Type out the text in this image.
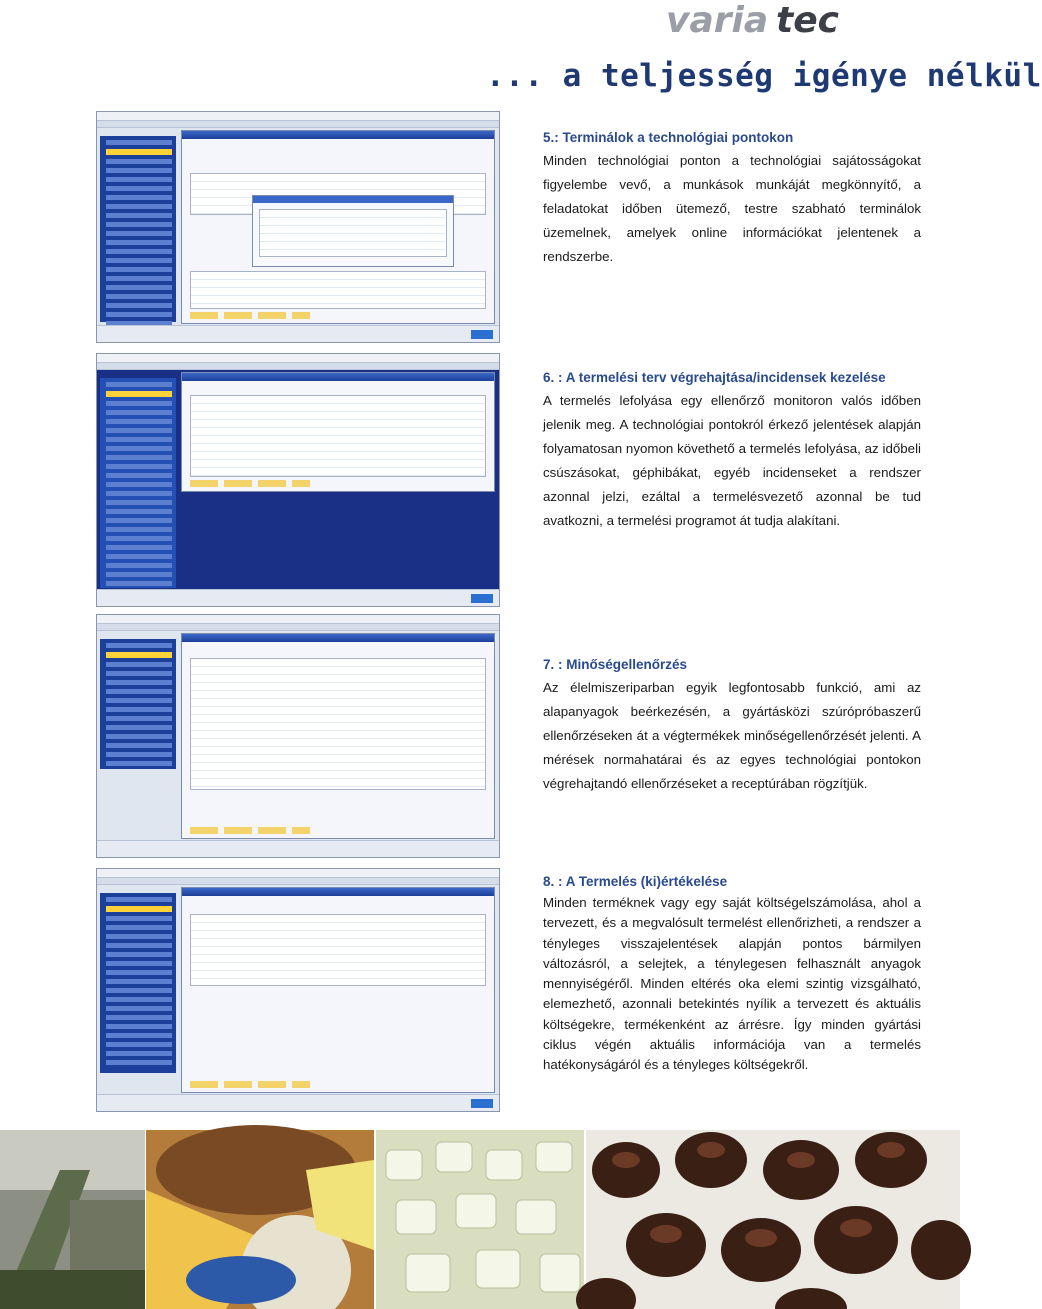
varia tec
... a teljesség igénye nélkül
5.: Terminálok a technológiai pontokon

Minden technológiai ponton a technológiai sajátosságokat figyelembe vevő, a munkások munkáját megkönnyítő, a feladatokat időben ütemező, testre szabható terminálok üzemelnek, amelyek online információkat jelentenek a rendszerbe.

6. : A termelési terv végrehajtása/incidensek kezelése

A termelés lefolyása egy ellenőrző monitoron valós időben jelenik meg. A technológiai pontokról érkező jelentések alapján folyamatosan nyomon követhető a termelés lefolyása, az időbeli csúszásokat, géphibákat, egyéb incidenseket a rendszer azonnal jelzi, ezáltal a termelésvezető azonnal be tud avatkozni, a termelési programot át tudja alakítani.

7. : Minőségellenőrzés

Az élelmiszeriparban egyik legfontosabb funkció, ami az alapanyagok beérkezésén, a gyártásközi szúrópróbaszerű ellenőrzéseken át a végtermékek minőségellenőrzését jelenti. A mérések normahatárai és az egyes technológiai pontokon végrehajtandó ellenőrzéseket a receptúrában rögzítjük.

8. : A Termelés (ki)értékelése

Minden terméknek vagy egy saját költségelszámolása, ahol a tervezett, és a megvalósult termelést ellenőrizheti, a rendszer a tényleges visszajelentések alapján pontos bármilyen változásról, a selejtek, a ténylegesen felhasznált anyagok mennyiségéről. Minden eltérés oka elemi szintig vizsgálható, elemezhető, azonnali betekintés nyílik a tervezett és aktuális költségekre, termékenként az árrésre. Így minden gyártási ciklus végén aktuális információja van a termelés hatékonyságáról és a tényleges költségekről.
